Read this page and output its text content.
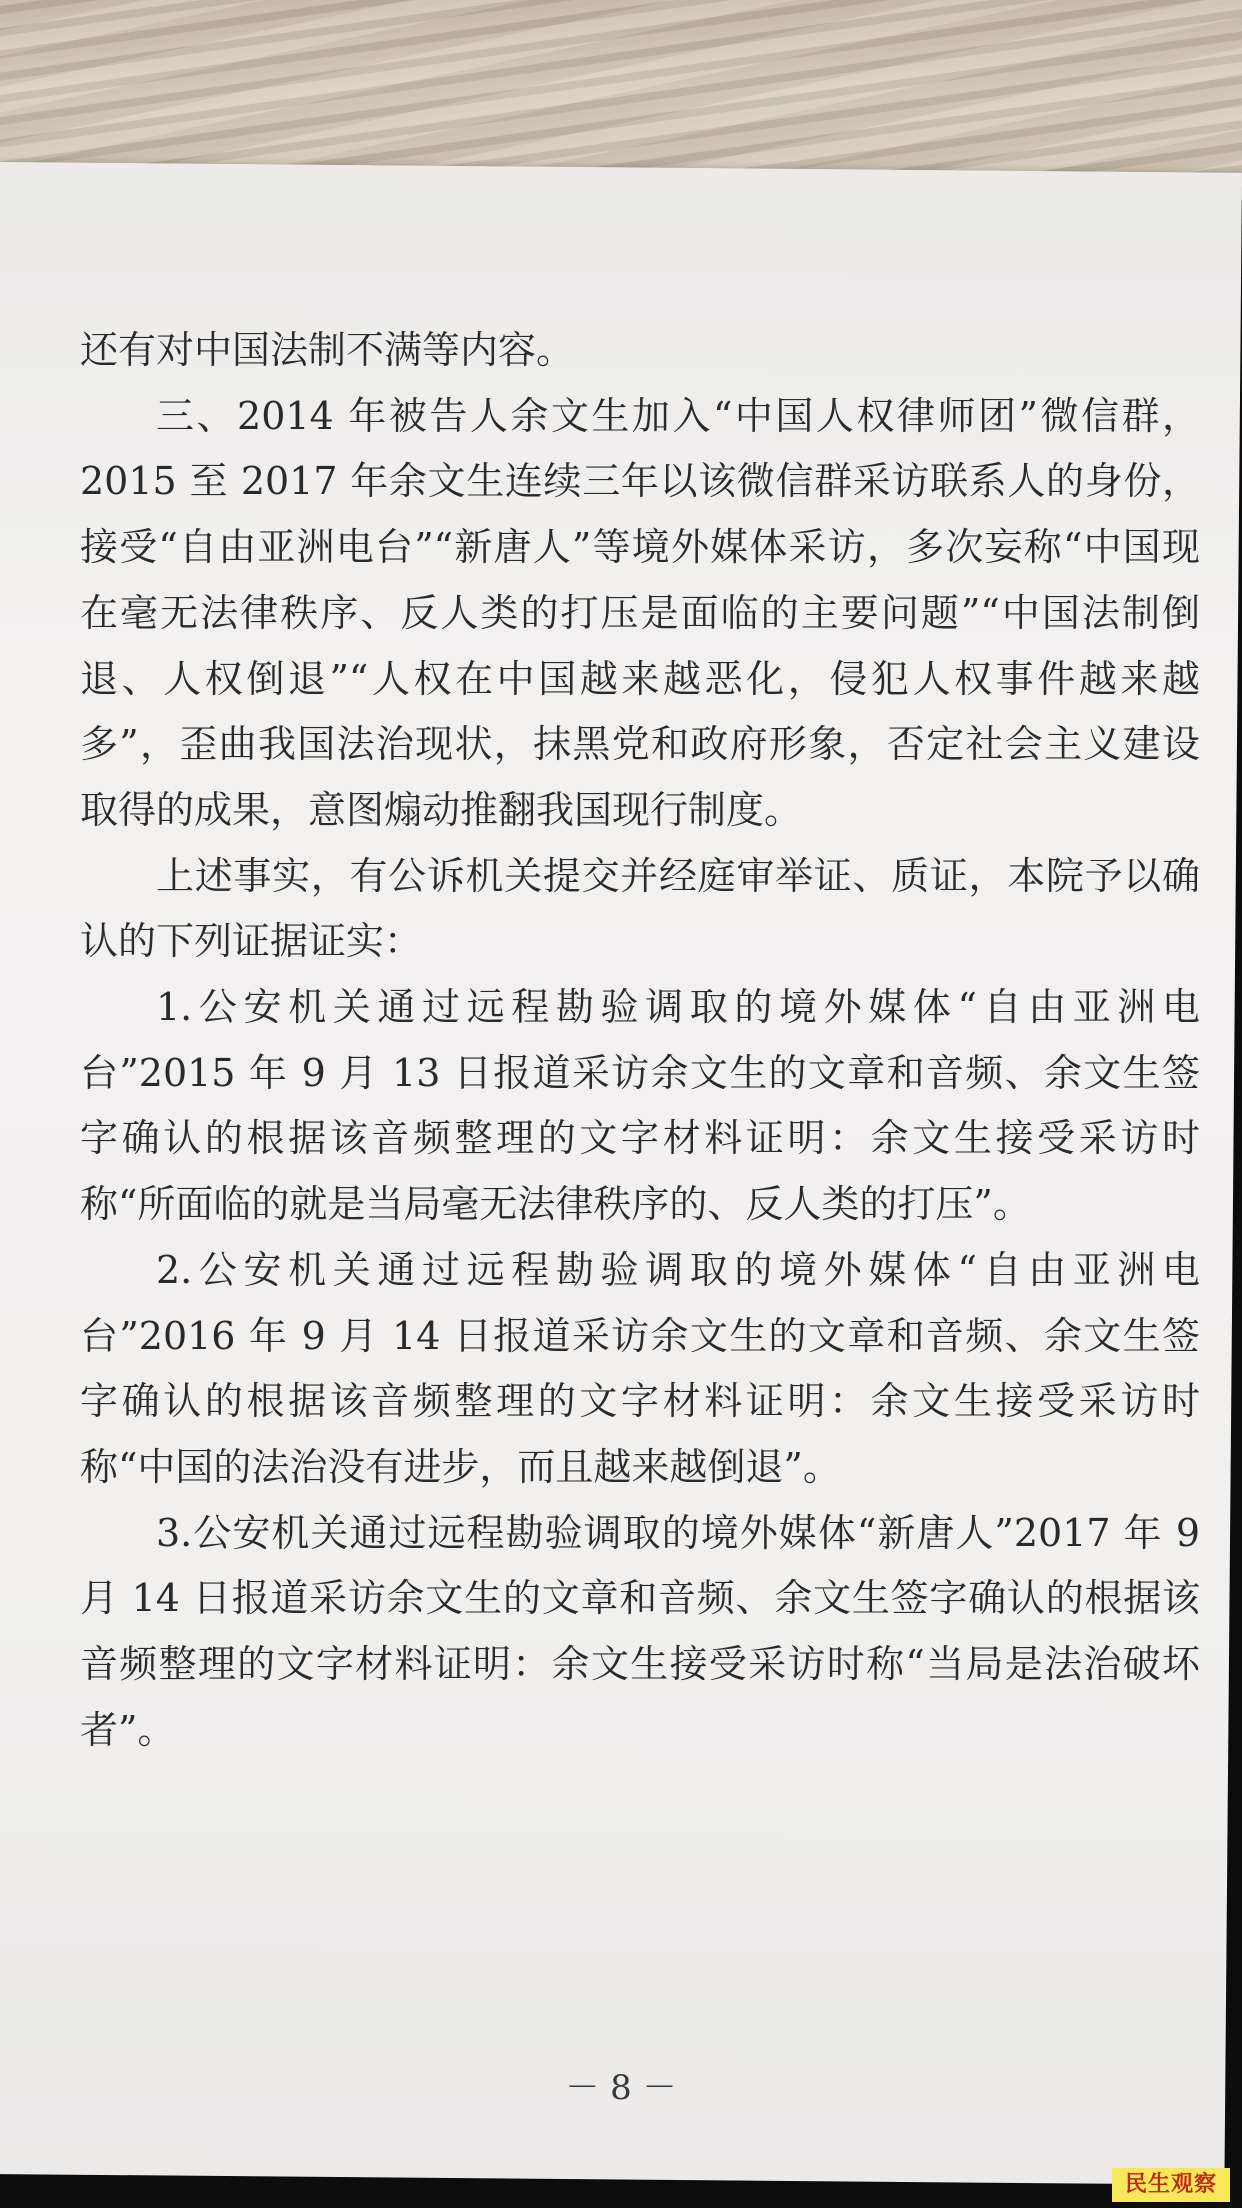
还有对中国法制不满等内容。

三、2014 年被告人余文生加入“中国人权律师团”微信群，2015 至 2017 年余文生连续三年以该微信群采访联系人的身份，接受“自由亚洲电台”“新唐人”等境外媒体采访，多次妄称“中国现在毫无法律秩序、反人类的打压是面临的主要问题”“中国法制倒退、人权倒退”“人权在中国越来越恶化，侵犯人权事件越来越多”，歪曲我国法治现状，抹黑党和政府形象，否定社会主义建设取得的成果，意图煽动推翻我国现行制度。

上述事实，有公诉机关提交并经庭审举证、质证，本院予以确认的下列证据证实：

1.公安机关通过远程勘验调取的境外媒体“自由亚洲电台”2015 年 9 月 13 日报道采访余文生的文章和音频、余文生签字确认的根据该音频整理的文字材料证明：余文生接受采访时称“所面临的就是当局毫无法律秩序的、反人类的打压”。

2.公安机关通过远程勘验调取的境外媒体“自由亚洲电台”2016 年 9 月 14 日报道采访余文生的文章和音频、余文生签字确认的根据该音频整理的文字材料证明：余文生接受采访时称“中国的法治没有进步，而且越来越倒退”。

3.公安机关通过远程勘验调取的境外媒体“新唐人”2017 年 9 月 14 日报道采访余文生的文章和音频、余文生签字确认的根据该音频整理的文字材料证明：余文生接受采访时称“当局是法治破坏者”。

－ 8 －
民生观察
